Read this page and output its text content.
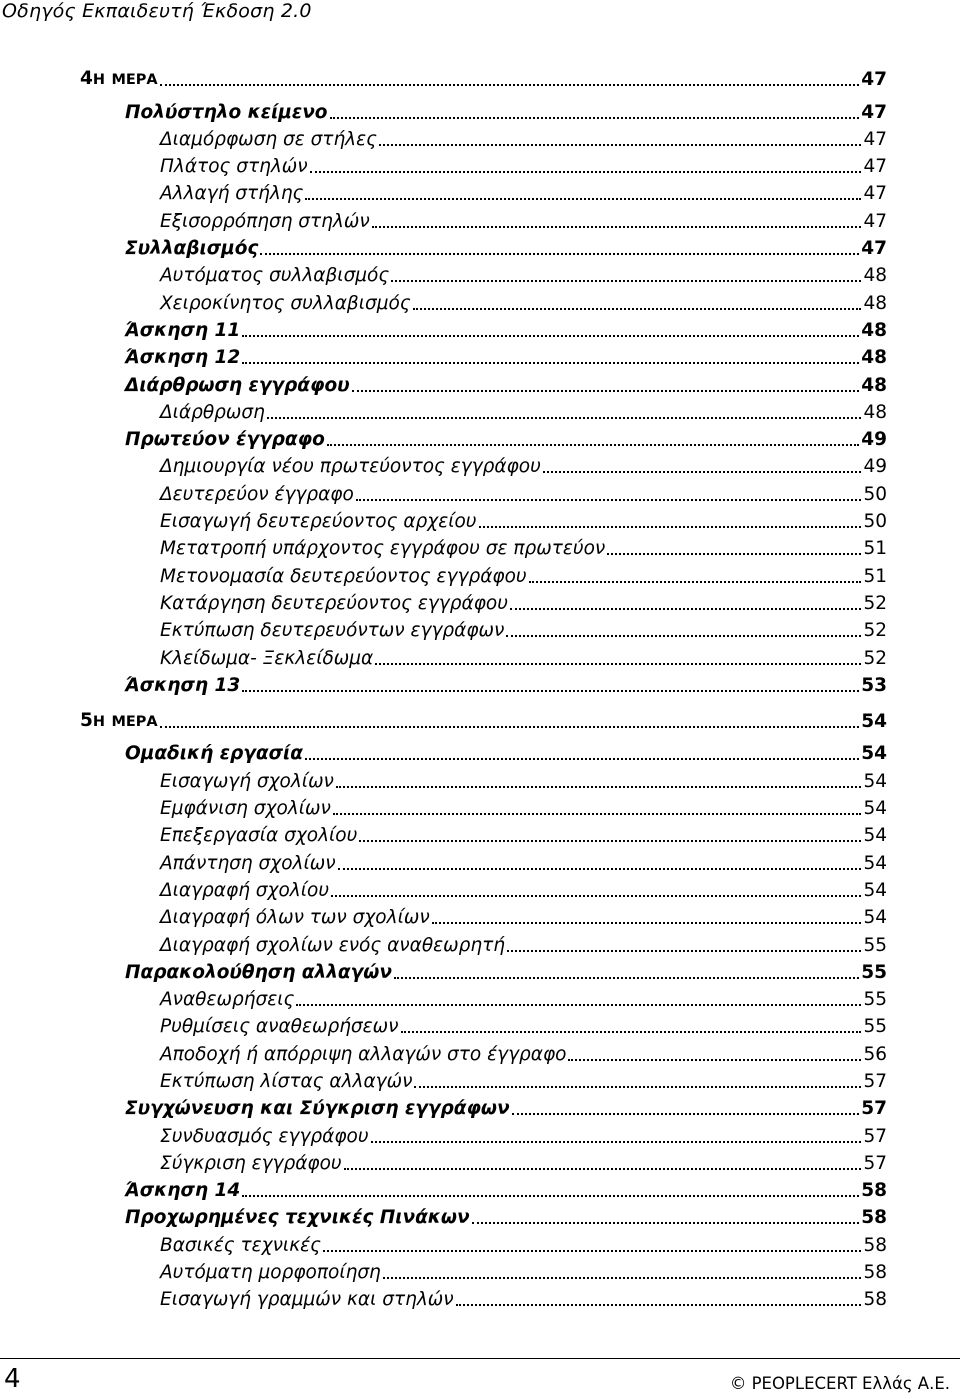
Οδηγός Εκπαιδευτή Έκδοση 2.0
4Η ΜΕΡΑ	47
Πολύστηλο κείμενο	47
Διαμόρφωση σε στήλες	47
Πλάτος στηλών	47
Αλλαγή στήλης	47
Εξισορρόπηση στηλών	47
Συλλαβισμός	47
Αυτόματος συλλαβισμός	48
Χειροκίνητος συλλαβισμός	48
Άσκηση 11	48
Άσκηση 12	48
Διάρθρωση εγγράφου	48
Διάρθρωση	48
Πρωτεύον έγγραφο	49
Δημιουργία νέου πρωτεύοντος εγγράφου	49
Δευτερεύον έγγραφο	50
Εισαγωγή δευτερεύοντος αρχείου	50
Μετατροπή υπάρχοντος εγγράφου σε πρωτεύον	51
Μετονομασία δευτερεύοντος εγγράφου	51
Κατάργηση δευτερεύοντος εγγράφου	52
Εκτύπωση δευτερευόντων εγγράφων	52
Κλείδωμα- Ξεκλείδωμα	52
Άσκηση 13	53
5Η ΜΕΡΑ	54
Ομαδική εργασία	54
Εισαγωγή σχολίων	54
Εμφάνιση σχολίων	54
Επεξεργασία σχολίου	54
Απάντηση σχολίων	54
Διαγραφή σχολίου	54
Διαγραφή όλων των σχολίων	54
Διαγραφή σχολίων ενός αναθεωρητή	55
Παρακολούθηση αλλαγών	55
Αναθεωρήσεις	55
Ρυθμίσεις αναθεωρήσεων	55
Αποδοχή ή απόρριψη αλλαγών στο έγγραφο	56
Εκτύπωση λίστας αλλαγών	57
Συγχώνευση και Σύγκριση εγγράφων	57
Συνδυασμός εγγράφου	57
Σύγκριση εγγράφου	57
Άσκηση 14	58
Προχωρημένες τεχνικές Πινάκων	58
Βασικές τεχνικές	58
Αυτόματη μορφοποίηση	58
Εισαγωγή γραμμών και στηλών	58
4	© PEOPLECERT Ελλάς Α.Ε.
